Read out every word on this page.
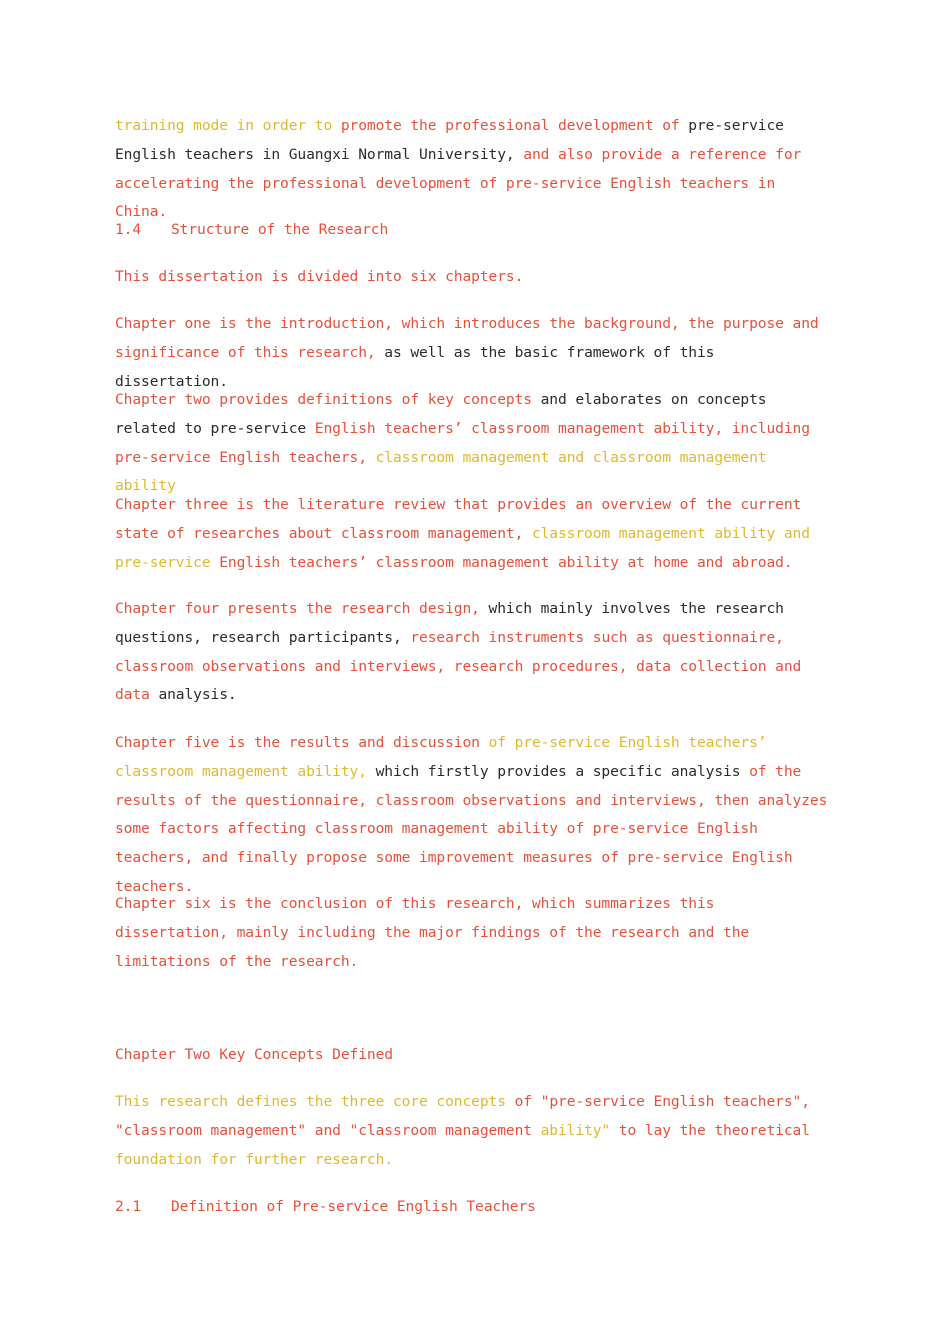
training mode in order to promote the professional development of pre-service English teachers in Guangxi Normal University, and also provide a reference for accelerating the professional development of pre-service English teachers in China.

1.4 Structure of the Research

This dissertation is divided into six chapters.

Chapter one is the introduction, which introduces the background, the purpose and significance of this research, as well as the basic framework of this dissertation.

Chapter two provides definitions of key concepts and elaborates on concepts related to pre-service English teachers’ classroom management ability, including pre-service English teachers, classroom management and classroom management ability

Chapter three is the literature review that provides an overview of the current state of researches about classroom management, classroom management ability and pre-service English teachers’ classroom management ability at home and abroad.

Chapter four presents the research design, which mainly involves the research questions, research participants, research instruments such as questionnaire, classroom observations and interviews, research procedures, data collection and data analysis.

Chapter five is the results and discussion of pre-service English teachers’ classroom management ability, which firstly provides a specific analysis of the results of the questionnaire, classroom observations and interviews, then analyzes some factors affecting classroom management ability of pre-service English teachers, and finally propose some improvement measures of pre-service English teachers.

Chapter six is the conclusion of this research, which summarizes this dissertation, mainly including the major findings of the research and the limitations of the research.

Chapter Two Key Concepts Defined

This research defines the three core concepts of "pre-service English teachers", "classroom management" and "classroom management ability" to lay the theoretical foundation for further research.

2.1 Definition of Pre-service English Teachers
